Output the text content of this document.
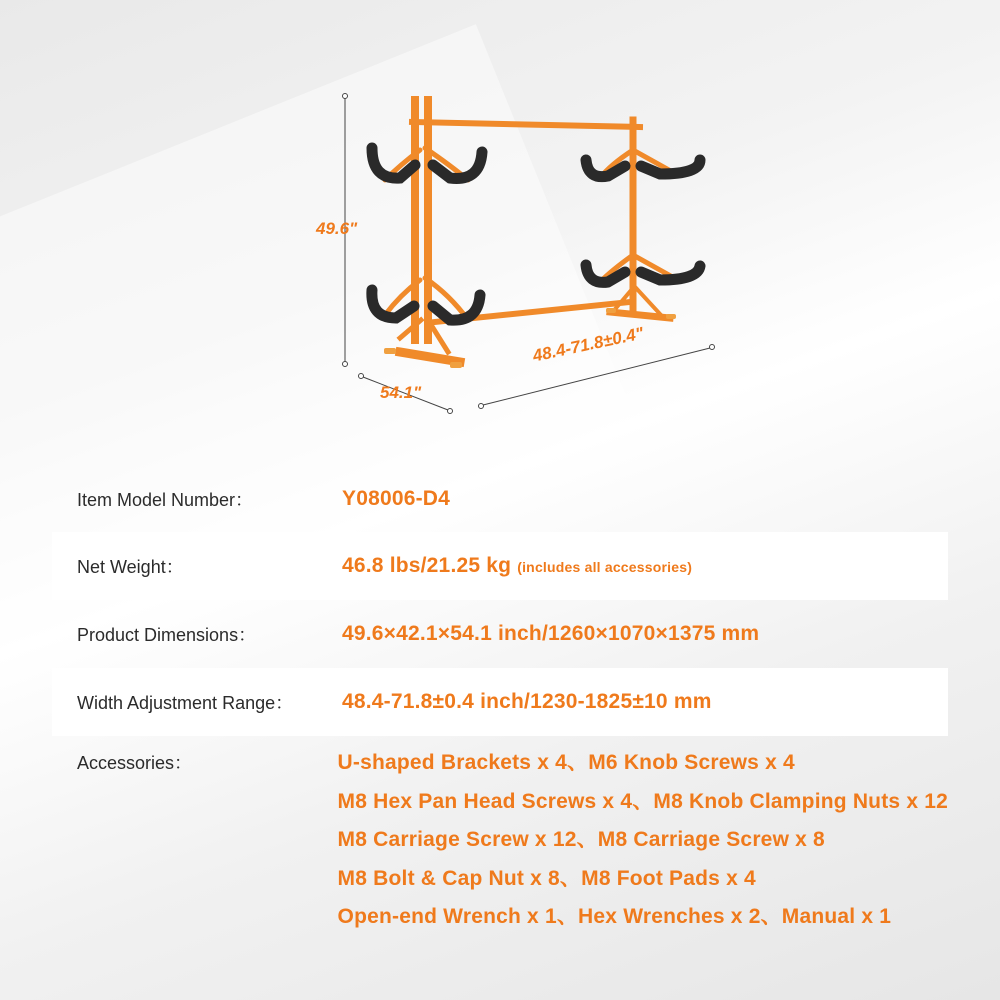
49.6"
54.1"
48.4-71.8±0.4"
Item Model Number：	Y08006-D4
Net Weight：	46.8 lbs/21.25 kg (includes all accessories)
Product Dimensions：	49.6×42.1×54.1 inch/1260×1070×1375 mm
Width Adjustment Range：	48.4-71.8±0.4 inch/1230-1825±10 mm
Accessories：	U-shaped Brackets x 4、M6 Knob Screws x 4
M8 Hex Pan Head Screws x 4、M8 Knob Clamping Nuts x 12
M8 Carriage Screw x 12、M8 Carriage Screw x 8
M8 Bolt & Cap Nut x 8、M8 Foot Pads x 4
Open-end Wrench x 1、Hex Wrenches x 2、Manual x 1
